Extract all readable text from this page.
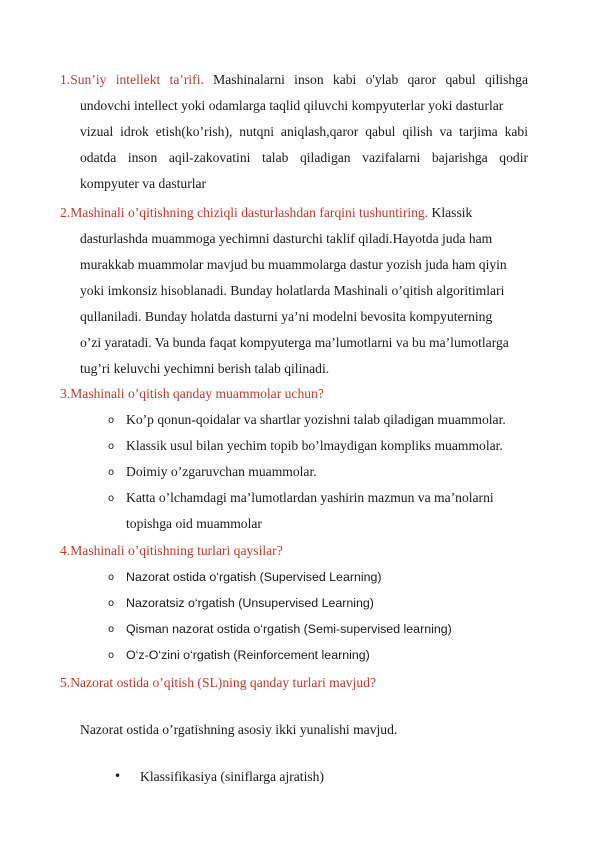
1.Sun’iy intellekt ta’rifi. Mashinalarni inson kabi o'ylab qaror qabul qilishga
undovchi intellect yoki odamlarga taqlid qiluvchi kompyuterlar yoki dasturlar
vizual idrok etish(ko’rish), nutqni aniqlash,qaror qabul qilish va tarjima kabi
odatda inson aqil-zakovatini talab qiladigan vazifalarni bajarishga qodir
kompyuter va dasturlar
2.Mashinali o’qitishning chiziqli dasturlashdan farqini tushuntiring. Klassik
dasturlashda muammoga yechimni dasturchi taklif qiladi.Hayotda juda ham
murakkab muammolar mavjud bu muammolarga dastur yozish juda ham qiyin
yoki imkonsiz hisoblanadi. Bunday holatlarda Mashinali o’qitish algoritimlari
qullaniladi. Bunday holatda dasturni ya’ni modelni bevosita kompyuterning
o’zi yaratadi. Va bunda faqat kompyuterga ma’lumotlarni va bu ma’lumotlarga
tug’ri keluvchi yechimni berish talab qilinadi.
3.Mashinali o’qitish qanday muammolar uchun?
o Ko’p qonun-qoidalar va shartlar yozishni talab qiladigan muammolar.
o Klassik usul bilan yechim topib bo’lmaydigan kompliks muammolar.
o Doimiy o’zgaruvchan muammolar.
o Katta o’lchamdagi ma’lumotlardan yashirin mazmun va ma’nolarni
topishga oid muammolar
4.Mashinali o’qitishning turlari qaysilar?
o Nazorat ostida o‘rgatish (Supervised Learning)
o Nazoratsiz o‘rgatish (Unsupervised Learning)
o Qisman nazorat ostida o‘rgatish (Semi-supervised learning)
o O‘z-O‘zini o‘rgatish (Reinforcement learning)
5.Nazorat ostida o’qitish (SL)ning qanday turlari mavjud?
Nazorat ostida o’rgatishning asosiy ikki yunalishi mavjud.
• Klassifikasiya (siniflarga ajratish)
